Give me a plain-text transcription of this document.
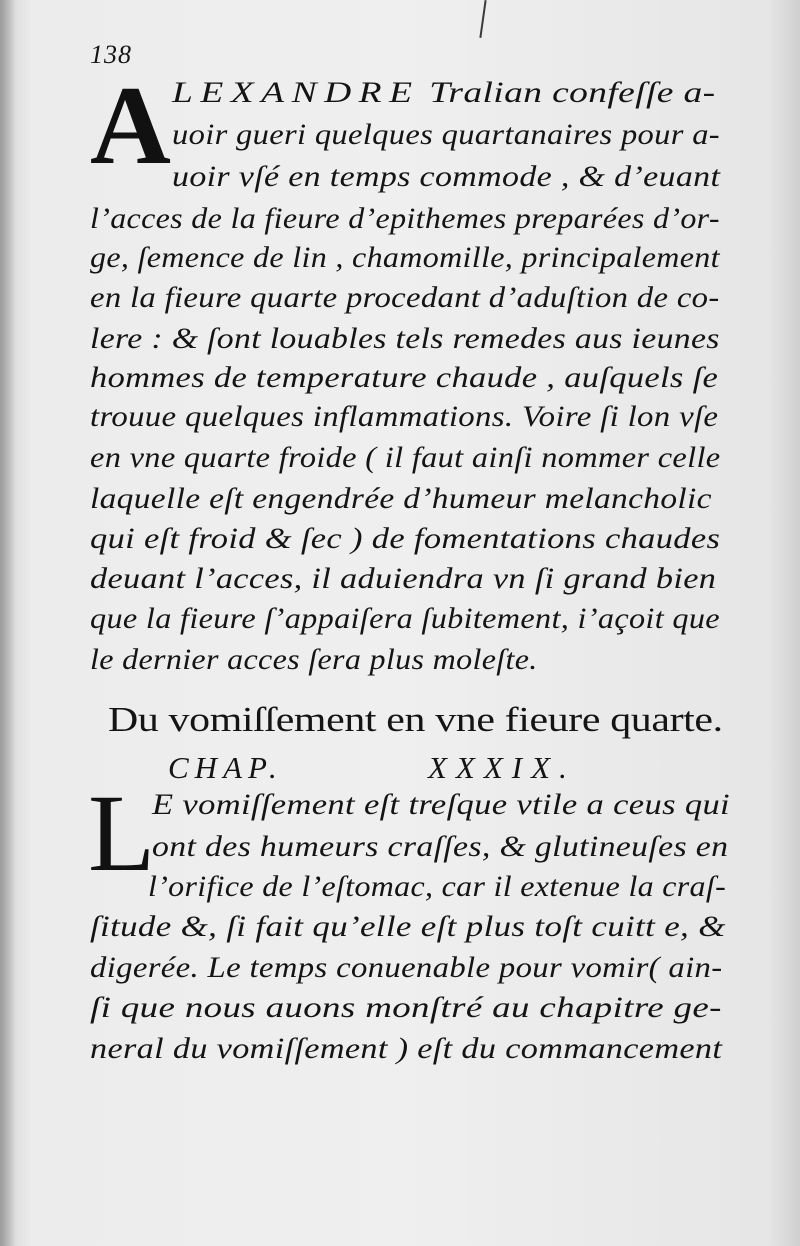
138
A LEXANDRE Tralian confeſſe a-
uoir gueri quelques quartanaires pour a-
uoir vſé en temps commode , & d’euant
l’acces de la fieure d’epithemes preparées d’or-
ge, ſemence de lin , chamomille, principalement
en la fieure quarte procedant d’aduſtion de co-
lere : & ſont louables tels remedes aus ieunes
hommes de temperature chaude , auſquels ſe
trouue quelques inflammations. Voire ſi lon vſe
en vne quarte froide ( il faut ainſi nommer celle
laquelle eſt engendrée d’humeur melancholic
qui eſt froid & ſec ) de fomentations chaudes
deuant l’acces, il aduiendra vn ſi grand bien
que la fieure ſ’appaiſera ſubitement, i’açoit que
le dernier acces ſera plus moleſte.
Du vomiſſement en vne fieure quarte.
CHAP.	XXXIX.
L
E vomiſſement eſt treſque vtile a ceus qui
ont des humeurs craſſes, & glutineuſes en
l’orifice de l’eſtomac, car il extenue la craſ-
ſitude &, ſi fait qu’elle eſt plus toſt cuitt e, &
digerée. Le temps conuenable pour vomir( ain-
ſi que nous auons monſtré au chapitre ge-
neral du vomiſſement ) eſt du commancement
